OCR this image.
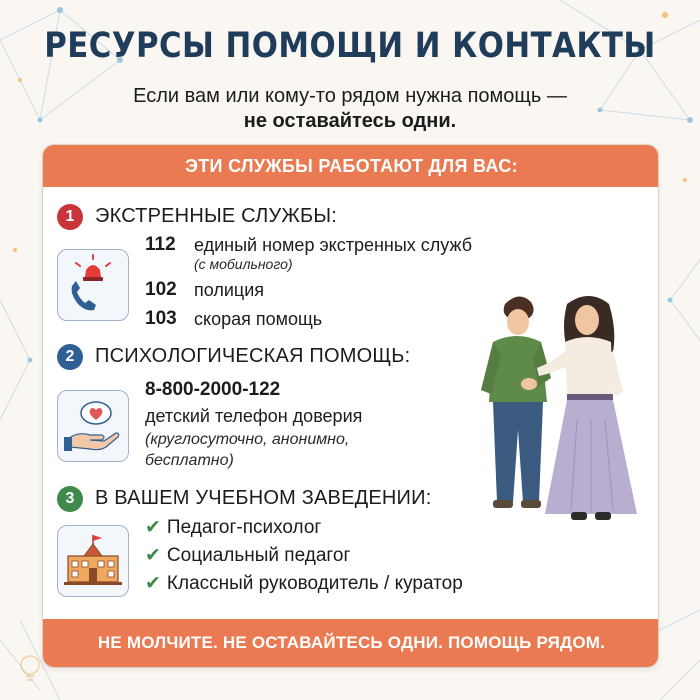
РЕСУРСЫ ПОМОЩИ И КОНТАКТЫ
Если вам или кому-то рядом нужна помощь —
не оставайтесь одни.
ЭТИ СЛУЖБЫ РАБОТАЮТ ДЛЯ ВАС:
1	ЭКСТРЕННЫЕ СЛУЖБЫ:
112 единый номер экстренных служб
(с мобильного)
102 полиция
103 скорая помощь
2	ПСИХОЛОГИЧЕСКАЯ ПОМОЩЬ:
8-800-2000-122
детский телефон доверия
(круглосуточно, анонимно,
бесплатно)
3	В ВАШЕМ УЧЕБНОМ ЗАВЕДЕНИИ:
✔ Педагог-психолог
✔ Социальный педагог
✔ Классный руководитель / куратор
НЕ МОЛЧИТЕ. НЕ ОСТАВАЙТЕСЬ ОДНИ. ПОМОЩЬ РЯДОМ.
